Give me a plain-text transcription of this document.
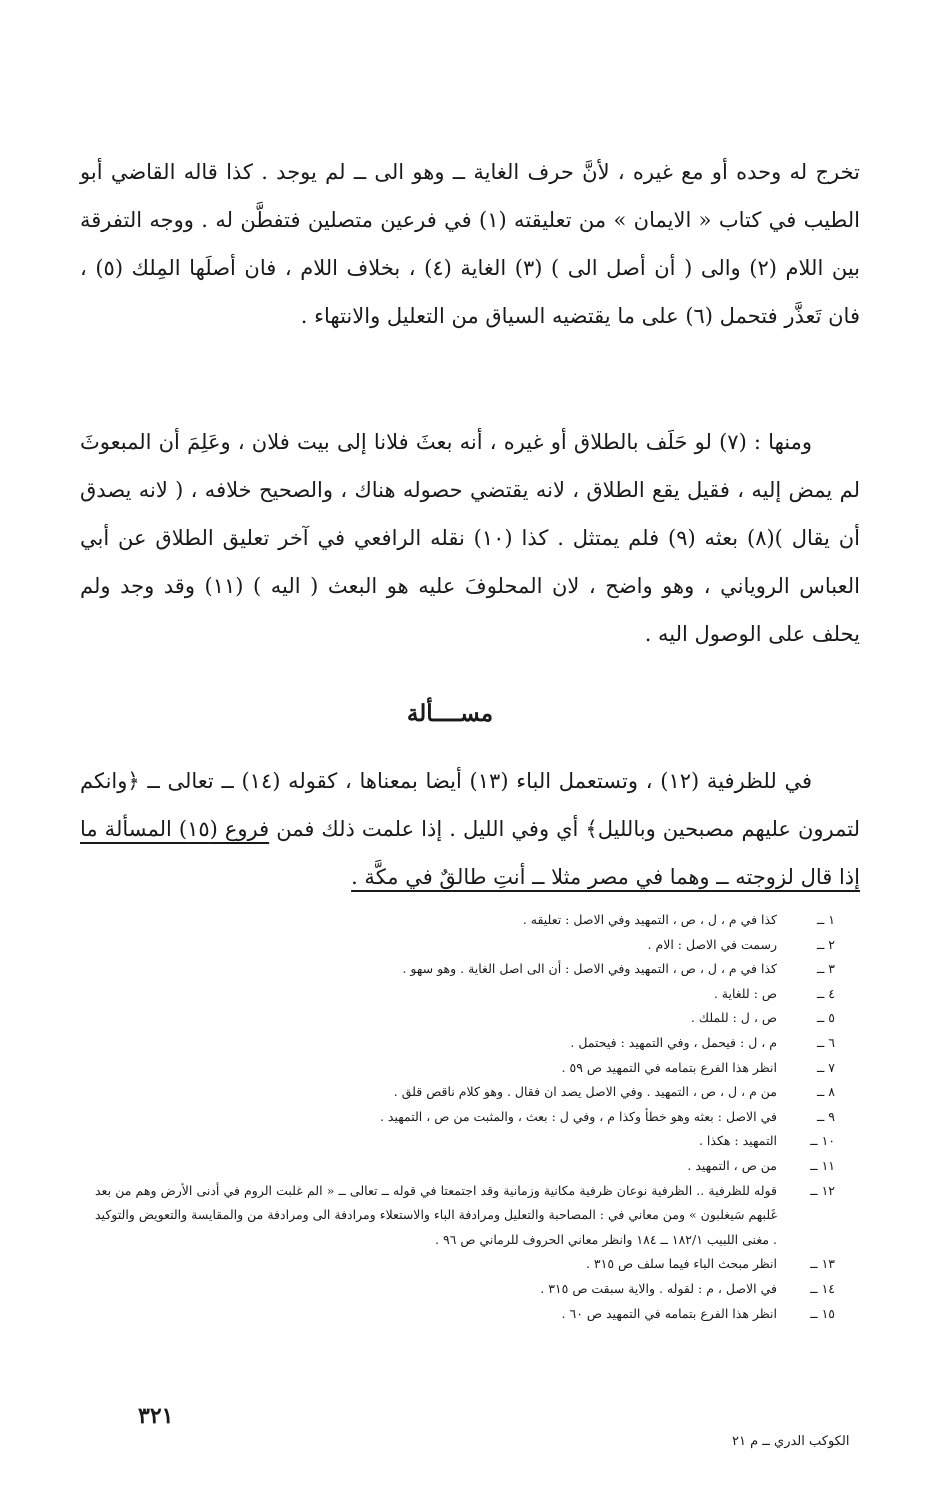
تخرج له وحده أو مع غيره ، لأنَّ حرف الغاية ــ وهو الى ــ لم يوجد . كذا قاله القاضي أبو الطيب في كتاب « الايمان » من تعليقته (١) في فرعين متصلين فتفطَّن له . ووجه التفرقة بين اللام (٢) والى ( أن أصل الى ) (٣) الغاية (٤) ، بخلاف اللام ، فان أصلَها المِلك (٥) ، فان تَعذَّر فتحمل (٦) على ما يقتضيه السياق من التعليل والانتهاء .

ومنها : (٧) لو حَلَف بالطلاق أو غيره ، أنه بعثَ فلانا إلى بيت فلان ، وعَلِمَ أن المبعوثَ لم يمض إليه ، فقيل يقع الطلاق ، لانه يقتضي حصوله هناك ، والصحيح خلافه ، ( لانه يصدق أن يقال )(٨) بعثه (٩) فلم يمتثل . كذا (١٠) نقله الرافعي في آخر تعليق الطلاق عن أبي العباس الروياني ، وهو واضح ، لان المحلوفَ عليه هو البعث ( اليه ) (١١) وقد وجد ولم يحلف على الوصول اليه .

مســــألة

في للظرفية (١٢) ، وتستعمل الباء (١٣) أيضا بمعناها ، كقوله (١٤) ــ تعالى ــ ﴿وانكم لتمرون عليهم مصبحين وبالليل﴾ أي وفي الليل . إذا علمت ذلك فمن فروع (١٥) المسألة ما إذا قال لزوجته ــ وهما في مصر مثلا ــ أنتِ طالقٌ في مكَّة .

١ ــ
كذا في م ، ل ، ص ، التمهيد وفي الاصل : تعليقه .
٢ ــ
رسمت في الاصل : الام .
٣ ــ
كذا في م ، ل ، ص ، التمهيد وفي الاصل : أن الى اصل الغاية . وهو سهو .
٤ ــ
ص : للغاية .
٥ ــ
ص ، ل : للملك .
٦ ــ
م ، ل : فيحمل ، وفي التمهيد : فيحتمل .
٧ ــ
انظر هذا الفرع بتمامه في التمهيد ص ٥٩ .
٨ ــ
من م ، ل ، ص ، التمهيد . وفي الاصل يصد ان فقال . وهو كلام ناقص قلق .
٩ ــ
في الاصل : بعثه وهو خطأ وكذا م ، وفي ل : بعث ، والمثبت من ص ، التمهيد .
١٠ ــ
التمهيد : هكذا .
١١ ــ
من ص ، التمهيد .
١٢ ــ
قوله للظرفية .. الظرفية نوعان ظرفية مكانية وزمانية وقد اجتمعتا في قوله ــ تعالى ــ « الم غلبت الروم في أدنى الأرض وهم من بعد غَلبهم سَيغلبون » ومن معاني في : المصاحبة والتعليل ومرادفة الباء والاستعلاء ومرادفة الى ومرادفة من والمقايسة والتعويض والتوكيد . مغنى اللبيب ١٨٢/١ ــ ١٨٤ وانظر معاني الحروف للرماني ص ٩٦ .
١٣ ــ
انظر مبحث الباء فيما سلف ص ٣١٥ .
١٤ ــ
في الاصل ، م : لقوله . والاية سبقت ص ٣١٥ .
١٥ ــ
انظر هذا الفرع بتمامه في التمهيد ص ٦٠ .
٣٢١
الكوكب الدري ــ م ٢١
